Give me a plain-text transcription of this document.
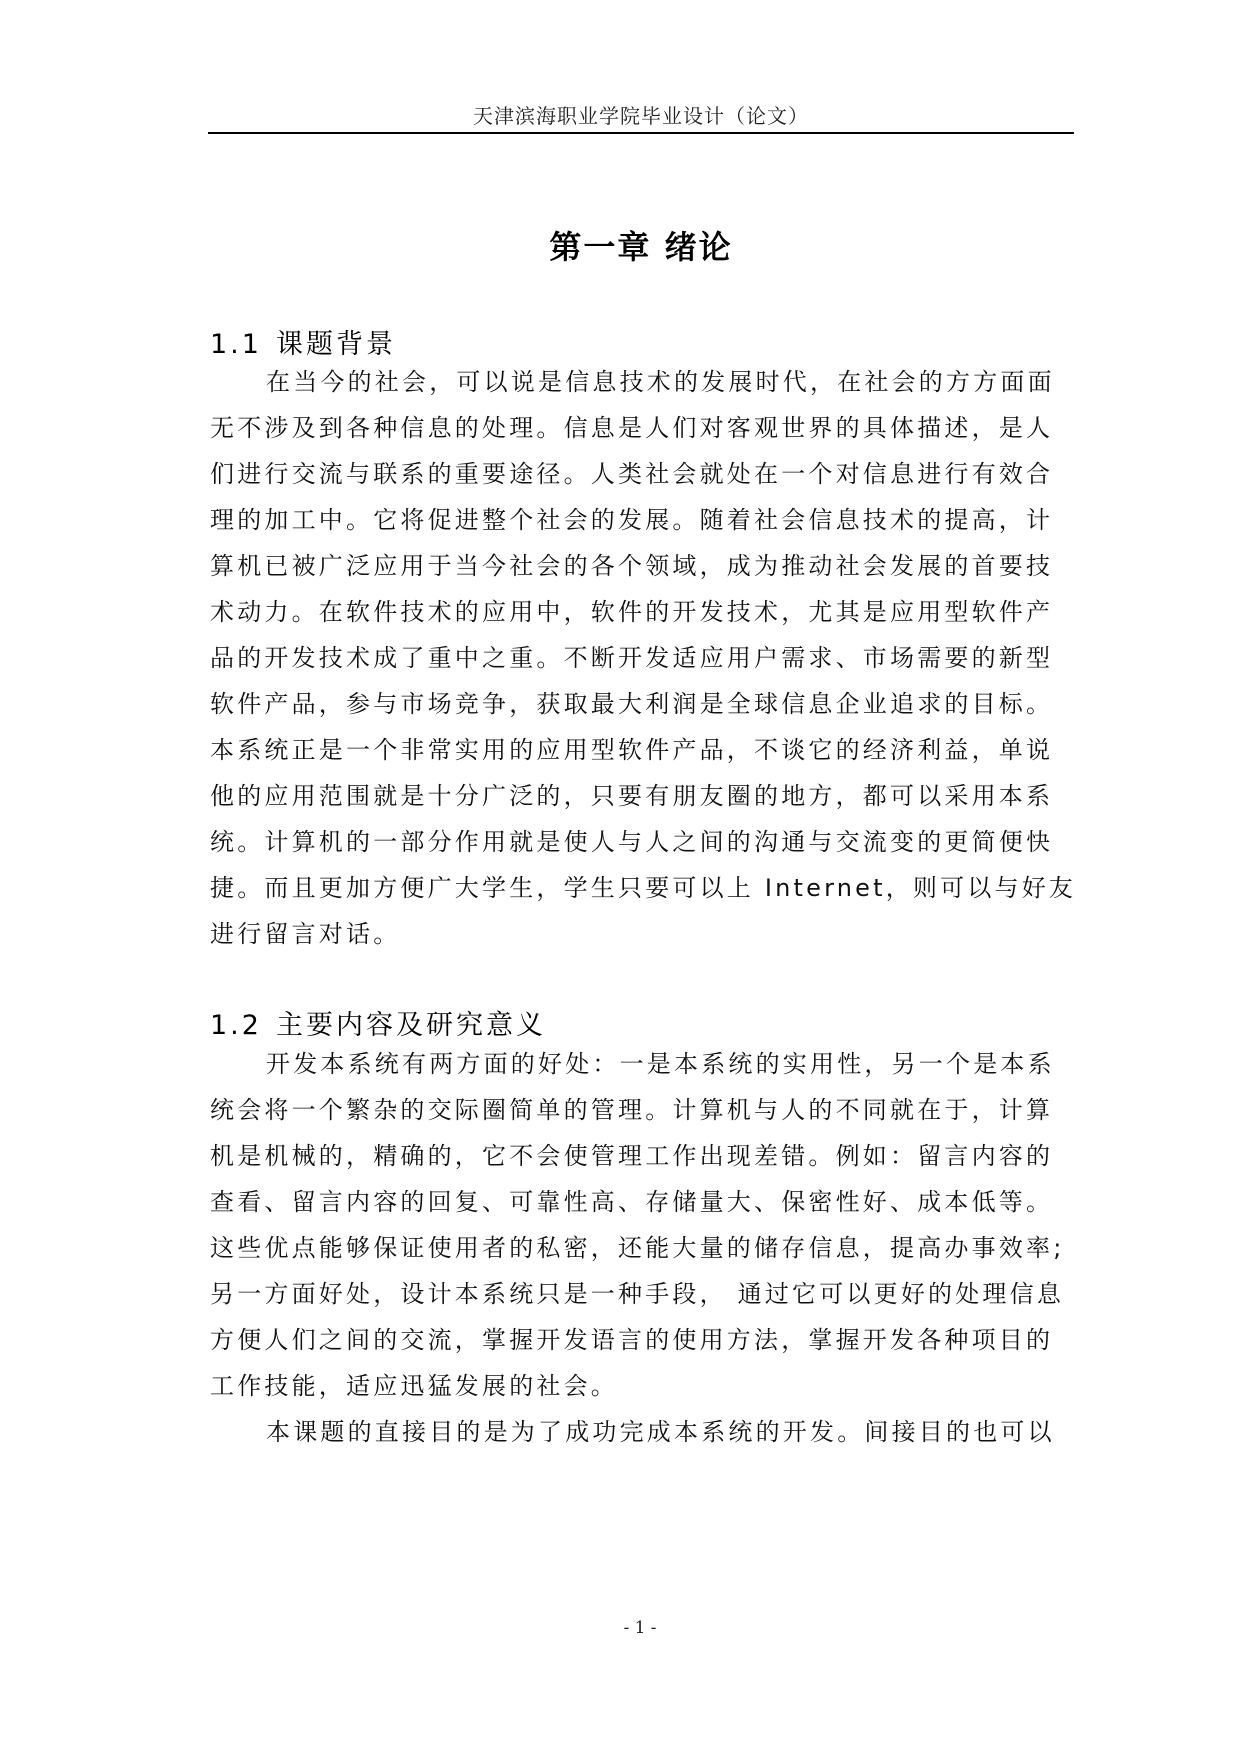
天津滨海职业学院毕业设计（论文）
第一章 绪论
1.1 课题背景
在当今的社会，可以说是信息技术的发展时代，在社会的方方面面
无不涉及到各种信息的处理。信息是人们对客观世界的具体描述，是人
们进行交流与联系的重要途径。人类社会就处在一个对信息进行有效合
理的加工中。它将促进整个社会的发展。随着社会信息技术的提高，计
算机已被广泛应用于当今社会的各个领域，成为推动社会发展的首要技
术动力。在软件技术的应用中，软件的开发技术，尤其是应用型软件产
品的开发技术成了重中之重。不断开发适应用户需求、市场需要的新型
软件产品，参与市场竞争，获取最大利润是全球信息企业追求的目标。
本系统正是一个非常实用的应用型软件产品，不谈它的经济利益，单说
他的应用范围就是十分广泛的，只要有朋友圈的地方，都可以采用本系
统。计算机的一部分作用就是使人与人之间的沟通与交流变的更简便快
捷。而且更加方便广大学生，学生只要可以上 Internet，则可以与好友
进行留言对话。
1.2 主要内容及研究意义
开发本系统有两方面的好处：一是本系统的实用性，另一个是本系
统会将一个繁杂的交际圈简单的管理。计算机与人的不同就在于，计算
机是机械的，精确的，它不会使管理工作出现差错。例如：留言内容的
查看、留言内容的回复、可靠性高、存储量大、保密性好、成本低等。
这些优点能够保证使用者的私密，还能大量的储存信息，提高办事效率;
另一方面好处，设计本系统只是一种手段， 通过它可以更好的处理信息
方便人们之间的交流，掌握开发语言的使用方法，掌握开发各种项目的
工作技能，适应迅猛发展的社会。
本课题的直接目的是为了成功完成本系统的开发。间接目的也可以
- 1 -
